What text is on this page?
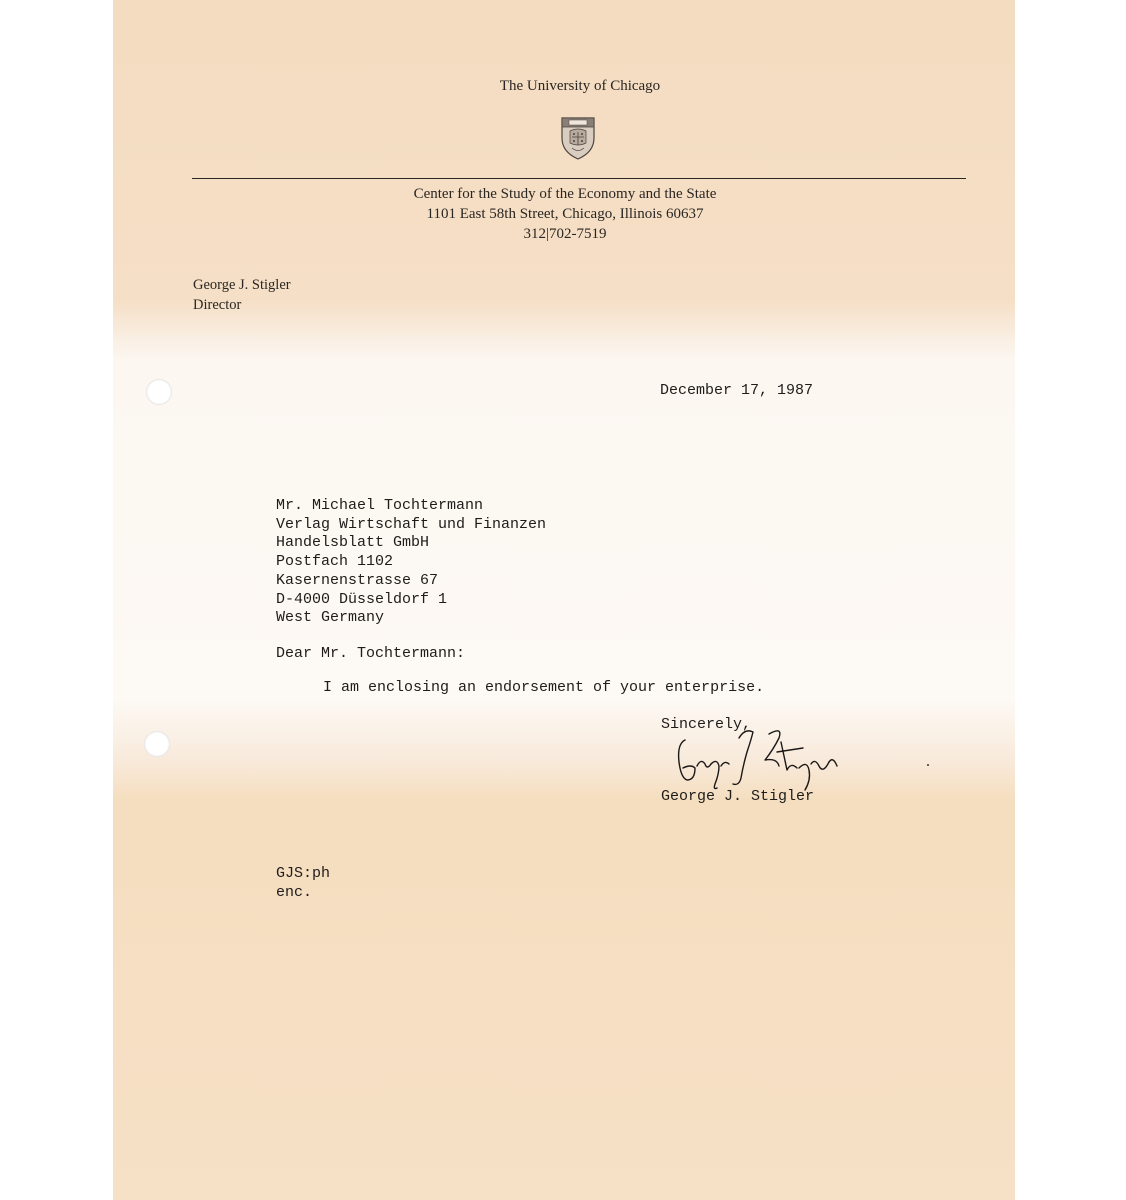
The University of Chicago
Center for the Study of the Economy and the State
1101 East 58th Street, Chicago, Illinois 60637
312|702-7519
George J. Stigler
Director
December 17, 1987
Mr. Michael Tochtermann
Verlag Wirtschaft und Finanzen
Handelsblatt GmbH
Postfach 1102
Kasernenstrasse 67
D-4000 Düsseldorf 1
West Germany
Dear Mr. Tochtermann:
I am enclosing an endorsement of your enterprise.
Sincerely,
George J. Stigler
GJS:ph
enc.
